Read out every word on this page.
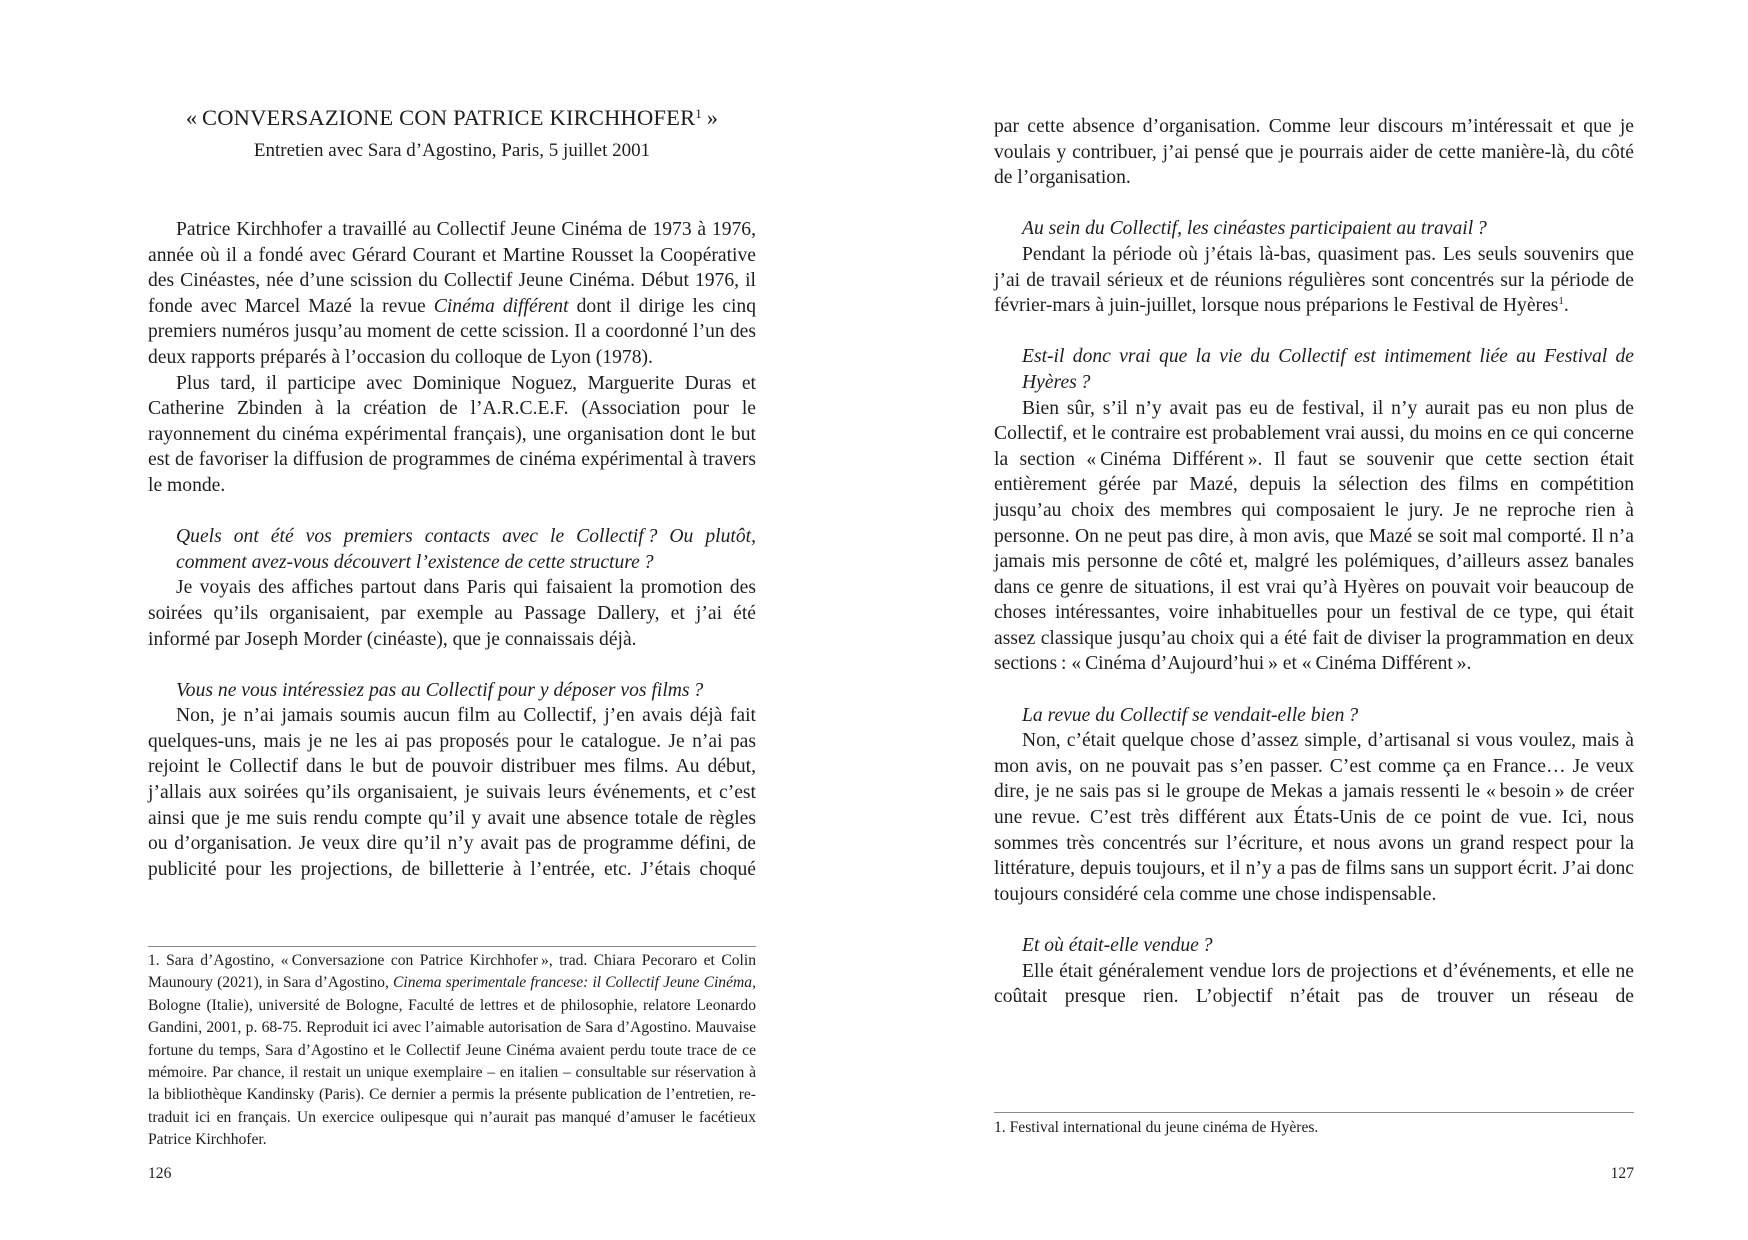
« CONVERSAZIONE CON PATRICE KIRCHHOFER$^1$ »
Entretien avec Sara d’Agostino, Paris, 5 juillet 2001

Patrice Kirchhofer a travaillé au Collectif Jeune Cinéma de 1973 à 1976, année où il a fondé avec Gérard Courant et Martine Rousset la Coopérative des Cinéastes, née d’une scission du Collectif Jeune Cinéma. Début 1976, il fonde avec Marcel Mazé la revue Cinéma différent dont il dirige les cinq premiers numéros jusqu’au moment de cette scission. Il a coordonné l’un des deux rapports préparés à l’occasion du colloque de Lyon (1978).

Plus tard, il participe avec Dominique Noguez, Marguerite Duras et Catherine Zbinden à la création de l’A.R.C.E.F. (Association pour le rayonnement du cinéma expérimental français), une organisation dont le but est de favoriser la diffusion de programmes de cinéma expérimental à travers le monde.

Quels ont été vos premiers contacts avec le Collectif ? Ou plutôt, comment avez-vous découvert l’existence de cette structure ?

Je voyais des affiches partout dans Paris qui faisaient la promotion des soirées qu’ils organisaient, par exemple au Passage Dallery, et j’ai été informé par Joseph Morder (cinéaste), que je connaissais déjà.

Vous ne vous intéressiez pas au Collectif pour y déposer vos films ?

Non, je n’ai jamais soumis aucun film au Collectif, j’en avais déjà fait quelques-uns, mais je ne les ai pas proposés pour le catalogue. Je n’ai pas rejoint le Collectif dans le but de pouvoir distribuer mes films. Au début, j’allais aux soirées qu’ils organisaient, je suivais leurs événements, et c’est ainsi que je me suis rendu compte qu’il y avait une absence totale de règles ou d’organisation. Je veux dire qu’il n’y avait pas de programme défini, de publicité pour les projections, de billetterie à l’entrée, etc. J’étais choqué

1. Sara d’Agostino, « Conversazione con Patrice Kirchhofer », trad. Chiara Pecoraro et Colin Maunoury (2021), in Sara d’Agostino, Cinema sperimentale francese: il Collectif Jeune Cinéma, Bologne (Italie), université de Bologne, Faculté de lettres et de philosophie, relatore Leonardo Gandini, 2001, p. 68-75. Reproduit ici avec l’aimable autorisation de Sara d’Agostino. Mauvaise fortune du temps, Sara d’Agostino et le Collectif Jeune Cinéma avaient perdu toute trace de ce mémoire. Par chance, il restait un unique exemplaire – en italien – consultable sur réservation à la bibliothèque Kandinsky (Paris). Ce dernier a permis la présente publication de l’entretien, re-traduit ici en français. Un exercice oulipesque qui n’aurait pas manqué d’amuser le facétieux Patrice Kirchhofer.

126

par cette absence d’organisation. Comme leur discours m’intéressait et que je voulais y contribuer, j’ai pensé que je pourrais aider de cette manière-là, du côté de l’organisation.

Au sein du Collectif, les cinéastes participaient au travail ?

Pendant la période où j’étais là-bas, quasiment pas. Les seuls souvenirs que j’ai de travail sérieux et de réunions régulières sont concentrés sur la période de février-mars à juin-juillet, lorsque nous préparions le Festival de Hyères$^1$.

Est-il donc vrai que la vie du Collectif est intimement liée au Festival de Hyères ?

Bien sûr, s’il n’y avait pas eu de festival, il n’y aurait pas eu non plus de Collectif, et le contraire est probablement vrai aussi, du moins en ce qui concerne la section « Cinéma Différent ». Il faut se souvenir que cette section était entièrement gérée par Mazé, depuis la sélection des films en compétition jusqu’au choix des membres qui composaient le jury. Je ne reproche rien à personne. On ne peut pas dire, à mon avis, que Mazé se soit mal comporté. Il n’a jamais mis personne de côté et, malgré les polémiques, d’ailleurs assez banales dans ce genre de situations, il est vrai qu’à Hyères on pouvait voir beaucoup de choses intéressantes, voire inhabituelles pour un festival de ce type, qui était assez classique jusqu’au choix qui a été fait de diviser la programmation en deux sections : « Cinéma d’Aujourd’hui » et « Cinéma Différent ».

La revue du Collectif se vendait-elle bien ?

Non, c’était quelque chose d’assez simple, d’artisanal si vous voulez, mais à mon avis, on ne pouvait pas s’en passer. C’est comme ça en France… Je veux dire, je ne sais pas si le groupe de Mekas a jamais ressenti le « besoin » de créer une revue. C’est très différent aux États-Unis de ce point de vue. Ici, nous sommes très concentrés sur l’écriture, et nous avons un grand respect pour la littérature, depuis toujours, et il n’y a pas de films sans un support écrit. J’ai donc toujours considéré cela comme une chose indispensable.

Et où était-elle vendue ?

Elle était généralement vendue lors de projections et d’événements, et elle ne coûtait presque rien. L’objectif n’était pas de trouver un réseau de

1. Festival international du jeune cinéma de Hyères.

127
